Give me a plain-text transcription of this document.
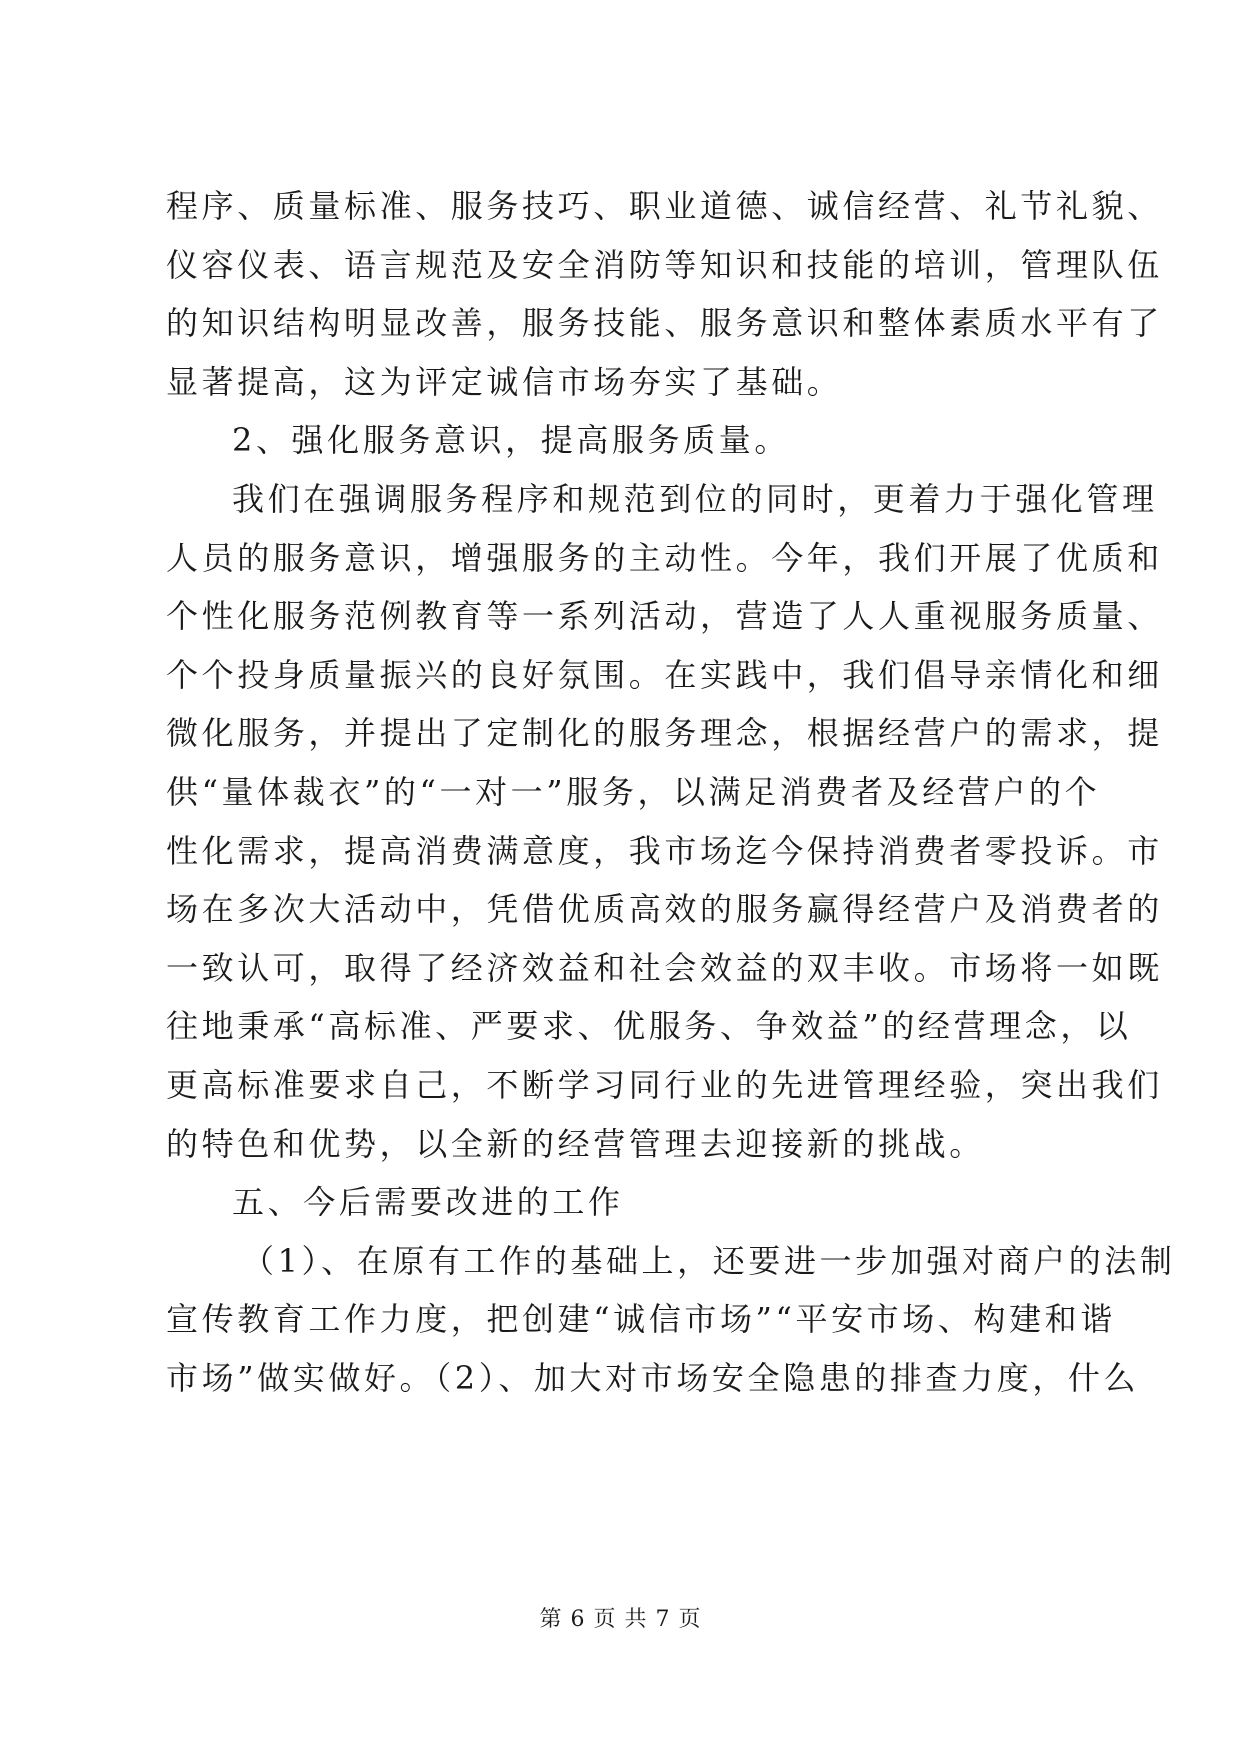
程序、质量标准、服务技巧、职业道德、诚信经营、礼节礼貌、
仪容仪表、语言规范及安全消防等知识和技能的培训，管理队伍
的知识结构明显改善，服务技能、服务意识和整体素质水平有了
显著提高，这为评定诚信市场夯实了基础。
2、强化服务意识，提高服务质量。
我们在强调服务程序和规范到位的同时，更着力于强化管理
人员的服务意识，增强服务的主动性。今年，我们开展了优质和
个性化服务范例教育等一系列活动，营造了人人重视服务质量、
个个投身质量振兴的良好氛围。在实践中，我们倡导亲情化和细
微化服务，并提出了定制化的服务理念，根据经营户的需求，提
供“量体裁衣”的“一对一”服务，以满足消费者及经营户的个
性化需求，提高消费满意度，我市场迄今保持消费者零投诉。市
场在多次大活动中，凭借优质高效的服务赢得经营户及消费者的
一致认可，取得了经济效益和社会效益的双丰收。市场将一如既
往地秉承“高标准、严要求、优服务、争效益”的经营理念，以
更高标准要求自己，不断学习同行业的先进管理经验，突出我们
的特色和优势，以全新的经营管理去迎接新的挑战。
五、今后需要改进的工作
（1）、在原有工作的基础上，还要进一步加强对商户的法制
宣传教育工作力度，把创建“诚信市场”“平安市场、构建和谐
市场”做实做好。（2）、加大对市场安全隐患的排查力度，什么
第 6 页 共 7 页
